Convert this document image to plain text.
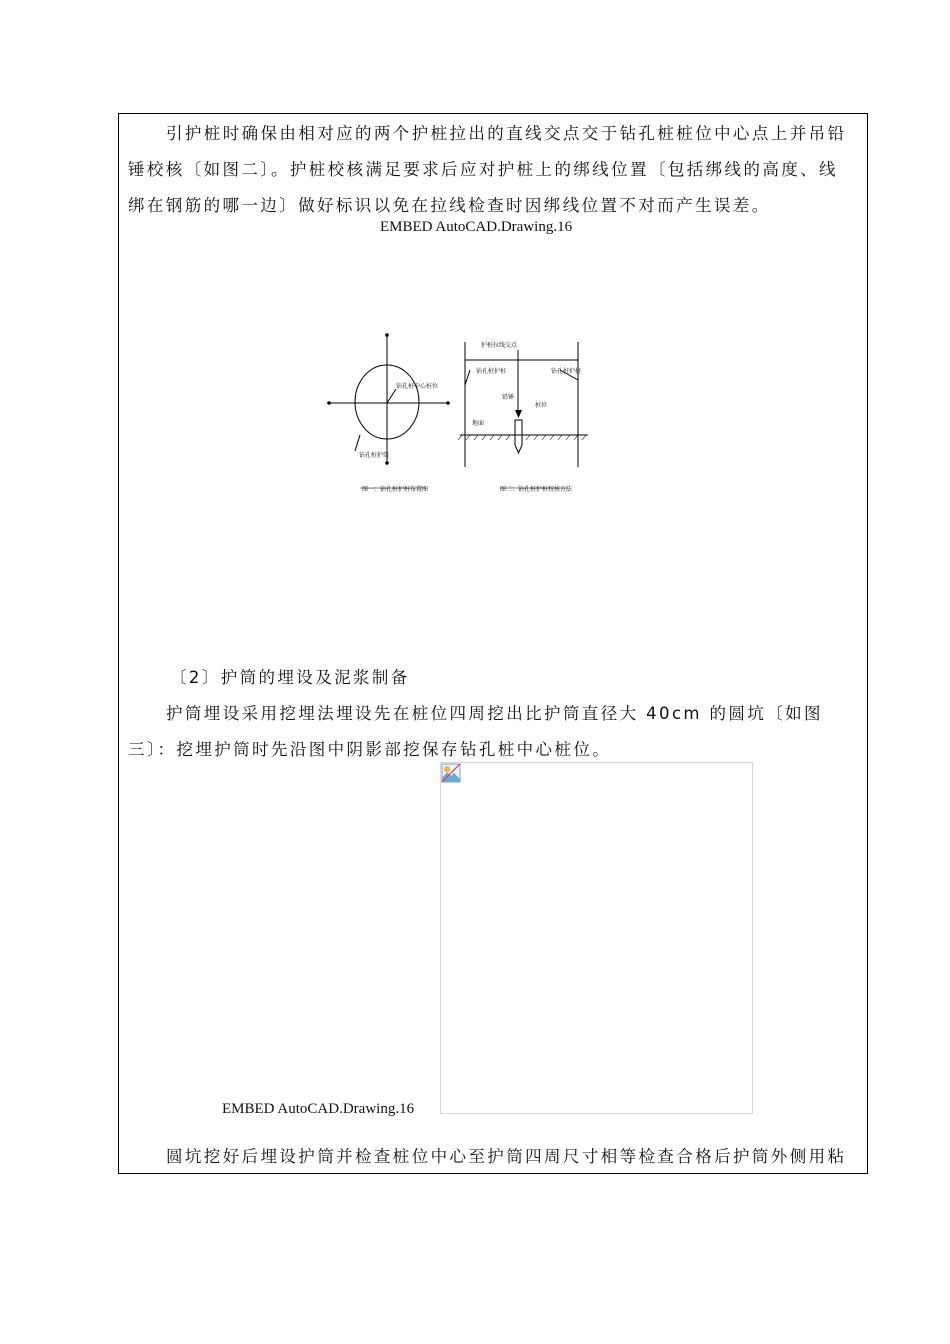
引护桩时确保由相对应的两个护桩拉出的直线交点交于钻孔桩桩位中心点上并吊铅
锤校核〔如图二〕。护桩校核满足要求后应对护桩上的绑线位置〔包括绑线的高度、线
绑在钢筋的哪一边〕做好标识以免在拉线检查时因绑线位置不对而产生误差。
EMBED AutoCAD.Drawing.16
钻孔桩中心桩位
钻孔桩护筒
图一：钻孔桩护桩布置图
护桩拉线交点
钻孔桩护桩	钻孔桩护桩
铅锤
桩位
地面
图二：钻孔桩护桩校核方法
〔2〕护筒的埋设及泥浆制备
护筒埋设采用挖埋法埋设先在桩位四周挖出比护筒直径大 40cm 的圆坑〔如图
三〕：挖埋护筒时先沿图中阴影部挖保存钻孔桩中心桩位。
EMBED AutoCAD.Drawing.16
圆坑挖好后埋设护筒并检查桩位中心至护筒四周尺寸相等检查合格后护筒外侧用粘
